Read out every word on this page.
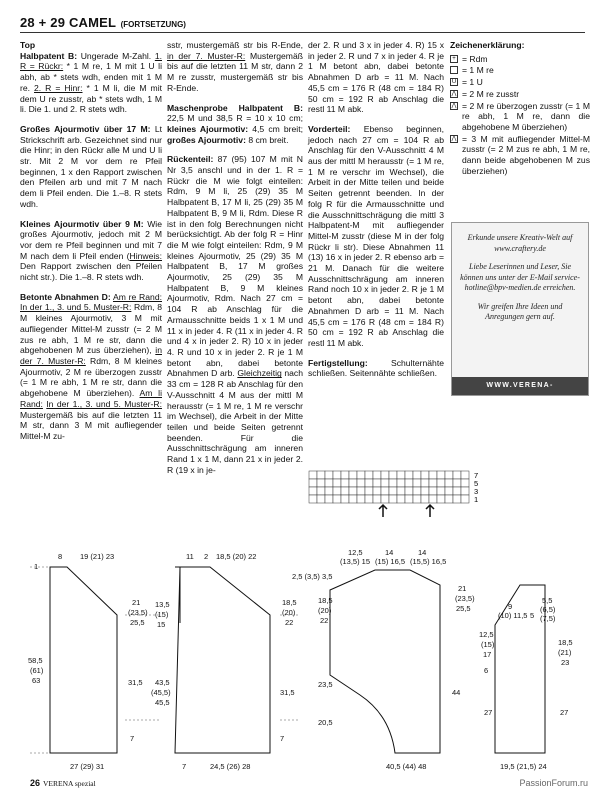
28 + 29 CAMEL (FORTSETZUNG)

Top
Halbpatent B: Ungerade M-Zahl. 1. R = Rückr: * 1 M re, 1 M mit 1 U li abh, ab * stets wdh, enden mit 1 M re. 2. R = Hinr: * 1 M li, die M mit dem U re zusstr, ab * stets wdh, 1 M li. Die 1. und 2. R stets wdh.

Großes Ajourmotiv über 17 M: Lt Strickschrift arb. Gezeichnet sind nur die Hinr; in den Rückr alle M und U li str. Mit 2 M vor dem re Pfeil beginnen, 1 x den Rapport zwischen den Pfeilen arb und mit 7 M nach dem li Pfeil enden. Die 1.–8. R stets wdh.

Kleines Ajourmotiv über 9 M: Wie großes Ajourmotiv, jedoch mit 2 M vor dem re Pfeil beginnen und mit 7 M nach dem li Pfeil enden (Hinweis: Den Rapport zwischen den Pfeilen nicht str.). Die 1.–8. R stets wdh.

Betonte Abnahmen D: Am re Rand: In der 1., 3. und 5. Muster-R: Rdm, 8 M kleines Ajourmotiv, 3 M mit aufliegender Mittel-M zusstr (= 2 M zus re abh, 1 M re str, dann die abgehobenen M zus überziehen), in der 7. Muster-R: Rdm, 8 M kleines Ajourmotiv, 2 M re überzogen zusstr (= 1 M re abh, 1 M re str, dann die abgehobene M überziehen). Am li Rand: In der 1., 3. und 5. Muster-R: Mustergemäß bis auf die letzten 11 M str, dann 3 M mit aufliegender Mittel-M zu-

sstr, mustergemäß str bis R-Ende, in der 7. Muster-R: Mustergemäß bis auf die letzten 11 M str, dann 2 M re zusstr, mustergemäß str bis R-Ende.

Maschenprobe Halbpatent B: 22,5 M und 38,5 R = 10 x 10 cm; kleines Ajourmotiv: 4,5 cm breit; großes Ajourmotiv: 8 cm breit.

Rückenteil: 87 (95) 107 M mit N Nr 3,5 anschl und in der 1. R = Rückr die M wie folgt einteilen: Rdm, 9 M li, 25 (29) 35 M Halbpatent B, 17 M li, 25 (29) 35 M Halbpatent B, 9 M li, Rdm. Diese R ist in den folg Berechnungen nicht berücksichtigt. Ab der folg R = Hinr die M wie folgt einteilen: Rdm, 9 M kleines Ajourmotiv, 25 (29) 35 M Halbpatent B, 17 M großes Ajourmotiv, 25 (29) 35 M Halbpatent B, 9 M kleines Ajourmotiv, Rdm. Nach 27 cm = 104 R ab Anschlag für die Armausschnitte beids 1 x 1 M und 11 x in jeder 4. R (11 x in jeder 4. R und 4 x in jeder 2. R) 10 x in jeder 4. R und 10 x in jeder 2. R je 1 M betont abn, dabei betonte Abnahmen D arb. Gleichzeitig nach 33 cm = 128 R ab Anschlag für den V-Ausschnitt 4 M aus der mittl M herausstr (= 1 M re, 1 M re verschr im Wechsel), die Arbeit in der Mitte teilen und beide Seiten getrennt beenden. Für die Ausschnittschrägung am inneren Rand 1 x 1 M, dann 21 x in jeder 2. R (19 x in je-

der 2. R und 3 x in jeder 4. R) 15 x in jeder 2. R und 7 x in jeder 4. R je 1 M betont abn, dabei betonte Abnahmen D arb = 11 M. Nach 45,5 cm = 176 R (48 cm = 184 R) 50 cm = 192 R ab Anschlag die restl 11 M abk.

Vorderteil: Ebenso beginnen, jedoch nach 27 cm = 104 R ab Anschlag für den V-Ausschnitt 4 M aus der mittl M herausstr (= 1 M re, 1 M re verschr im Wechsel), die Arbeit in der Mitte teilen und beide Seiten getrennt beenden. In der folg R für die Armausschnitte und die Ausschnittschrägung die mittl 3 Halbpatent-M mit aufliegender Mittel-M zusstr (diese M in der folg Rückr li str). Diese Abnahmen 11 (13) 16 x in jeder 2. R ebenso arb = 21 M. Danach für die weitere Ausschnittschrägung am inneren Rand noch 10 x in jeder 2. R je 1 M betont abn, dabei betonte Abnahmen D arb = 11 M. Nach 45,5 cm = 176 R (48 cm = 184 R) 50 cm = 192 R ab Anschlag die restl 11 M abk.

Fertigstellung: Schulternähte schließen. Seitennähte schließen.

Zeichenerklärung:

+ = Rdm
= 1 M re
U = 1 U
⋀ = 2 M re zusstr
⋀ = 2 M re überzogen zusstr (= 1 M re abh, 1 M re, dann die abgehobene M überziehen)
⋀ = 3 M mit aufliegender Mittel-M zusstr (= 2 M zus re abh, 1 M re, dann beide abgehobenen M zus überziehen)

Erkunde unsere Kreativ-Welt auf www.craftery.de

Liebe Leserinnen und Leser, Sie können uns unter der E-Mail service-hotline@bpv-medien.de erreichen.

Wir greifen Ihre Ideen und Anregungen gern auf.

WWW.VERENA-STRICKEN.COM
7
5
3
1
8 19 (21) 23
1
21
(23,5)
25,5
58,5
(61)
63	31,5
7
27 (29) 31
11 2 18,5 (20) 22
13,5
(15)
15
43,5
(45,5)
45,5
18,5
(20)
22
31,5
7
7	24,5 (26) 28
12,5
(13,5) 15
14
(15) 16,5
14
(15,5) 16,5
2,5 (3,5) 3,5
18,5
(20)
22
21
(23,5)
25,5
23,5
20,5
44
40,5 (44) 48
9
(10) 11,5 5
5,5
(6,5)
(7,5)
12,5
(15)
17
6
18,5
(21)
23
27	27
19,5 (21,5) 24
26 VERENA spezial	PassionForum.ru
